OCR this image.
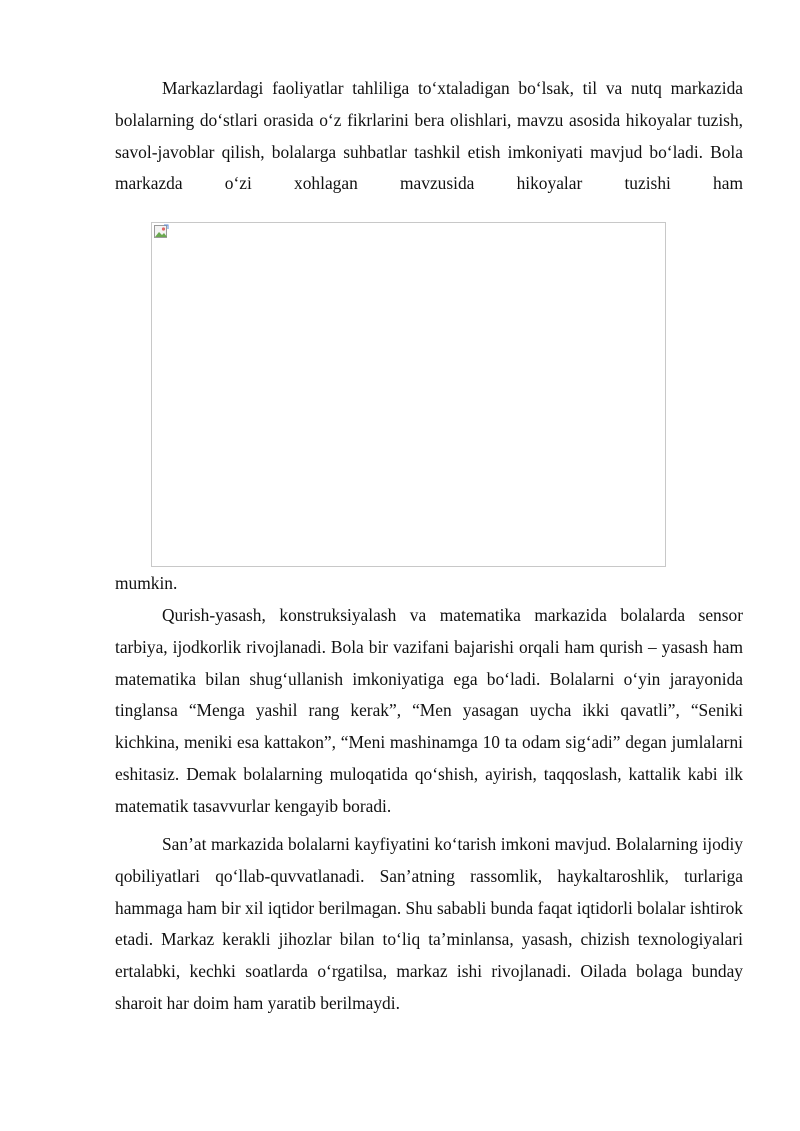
Markazlardagi faoliyatlar tahliliga to‘xtaladigan bo‘lsak, til va nutq markazida bolalarning do‘stlari orasida o‘z fikrlarini bera olishlari, mavzu asosida hikoyalar tuzish, savol-javoblar qilish, bolalarga suhbatlar tashkil etish imkoniyati mavjud bo‘ladi. Bola markazda o‘zi xohlagan mavzusida hikoyalar tuzishi ham

mumkin.

Qurish-yasash, konstruksiyalash va matematika markazida bolalarda sensor tarbiya, ijodkorlik rivojlanadi. Bola bir vazifani bajarishi orqali ham qurish – yasash ham matematika bilan shug‘ullanish imkoniyatiga ega bo‘ladi. Bolalarni o‘yin jarayonida tinglansa “Menga yashil rang kerak”, “Men yasagan uycha ikki qavatli”, “Seniki kichkina, meniki esa kattakon”, “Meni mashinamga 10 ta odam sig‘adi” degan jumlalarni eshitasiz. Demak bolalarning muloqatida qo‘shish, ayirish, taqqoslash, kattalik kabi ilk matematik tasavvurlar kengayib boradi.

San’at markazida bolalarni kayfiyatini ko‘tarish imkoni mavjud. Bolalarning ijodiy qobiliyatlari qo‘llab-quvvatlanadi. San’atning rassomlik, haykaltaroshlik, turlariga hammaga ham bir xil iqtidor berilmagan. Shu sababli bunda faqat iqtidorli bolalar ishtirok etadi. Markaz kerakli jihozlar bilan to‘liq ta’minlansa, yasash, chizish texnologiyalari ertalabki, kechki soatlarda o‘rgatilsa, markaz ishi rivojlanadi. Oilada bolaga bunday sharoit har doim ham yaratib berilmaydi.
